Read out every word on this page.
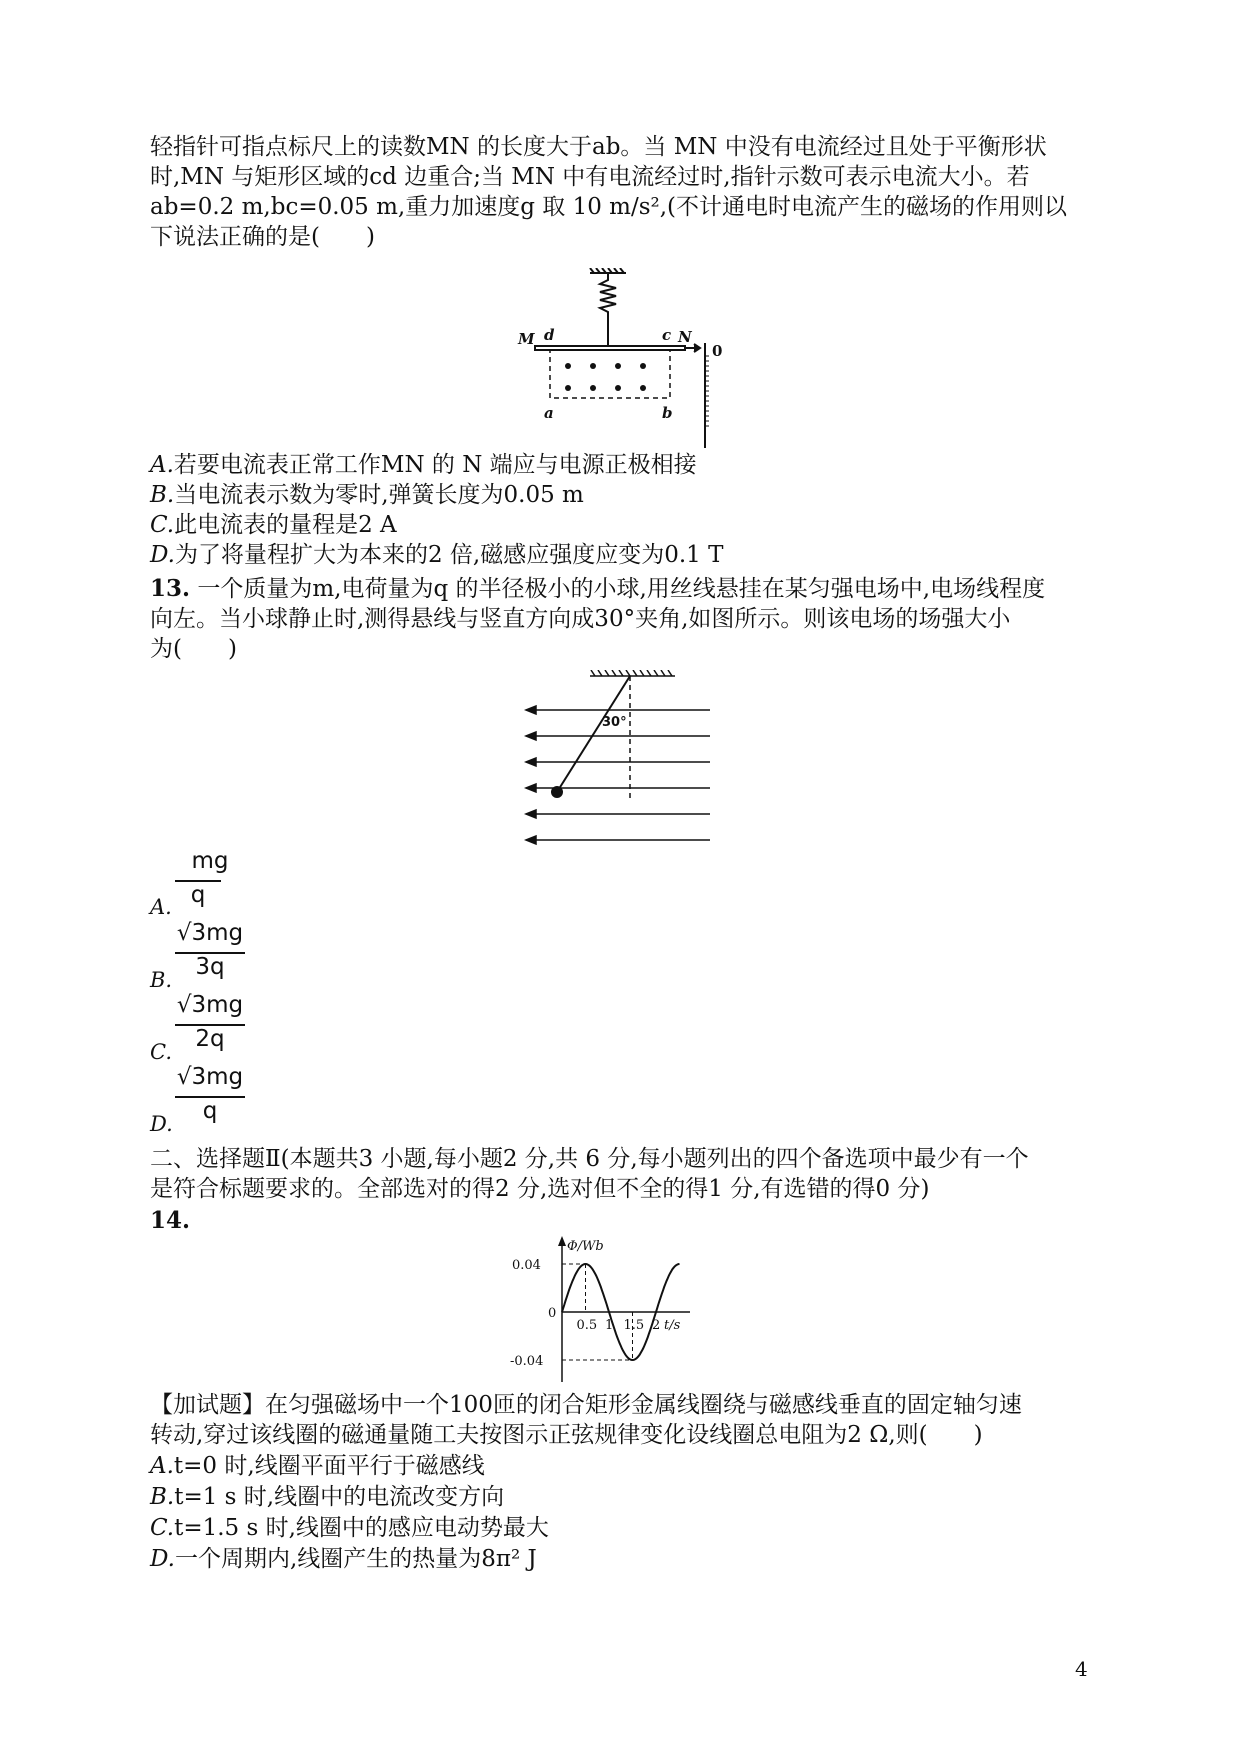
轻指针可指点标尺上的读数MN 的长度大于ab。当 MN 中没有电流经过且处于平衡形状
时,MN 与矩形区域的cd 边重合;当 MN 中有电流经过时,指针示数可表示电流大小。若
ab=0.2 m,bc=0.05 m,重力加速度g 取 10 m/s²,(不计通电时电流产生的磁场的作用则以
下说法正确的是(　　)
M d	c N
0
a	b
A.若要电流表正常工作MN 的 N 端应与电源正极相接
B.当电流表示数为零时,弹簧长度为0.05 m
C.此电流表的量程是2 A
D.为了将量程扩大为本来的2 倍,磁感应强度应变为0.1 T
13. 一个质量为m,电荷量为q 的半径极小的小球,用丝线悬挂在某匀强电场中,电场线程度
向左。当小球静止时,测得悬线与竖直方向成30°夹角,如图所示。则该电场的场强大小
为(　　)
30°
mg
q
A.
√3mg
3q
B.
√3mg
2q
C.
√3mg
q
D.
二、选择题Ⅱ(本题共3 小题,每小题2 分,共 6 分,每小题列出的四个备选项中最少有一个
是符合标题要求的。全部选对的得2 分,选对但不全的得1 分,有选错的得0 分)
14.
0
0.5 1 1.5 2
0.04
-0.04
Φ/Wb
t/s
【加试题】在匀强磁场中一个100匝的闭合矩形金属线圈绕与磁感线垂直的固定轴匀速
转动,穿过该线圈的磁通量随工夫按图示正弦规律变化设线圈总电阻为2 Ω,则(　　)
A.t=0 时,线圈平面平行于磁感线
B.t=1 s 时,线圈中的电流改变方向
C.t=1.5 s 时,线圈中的感应电动势最大
D.一个周期内,线圈产生的热量为8π² J
4
